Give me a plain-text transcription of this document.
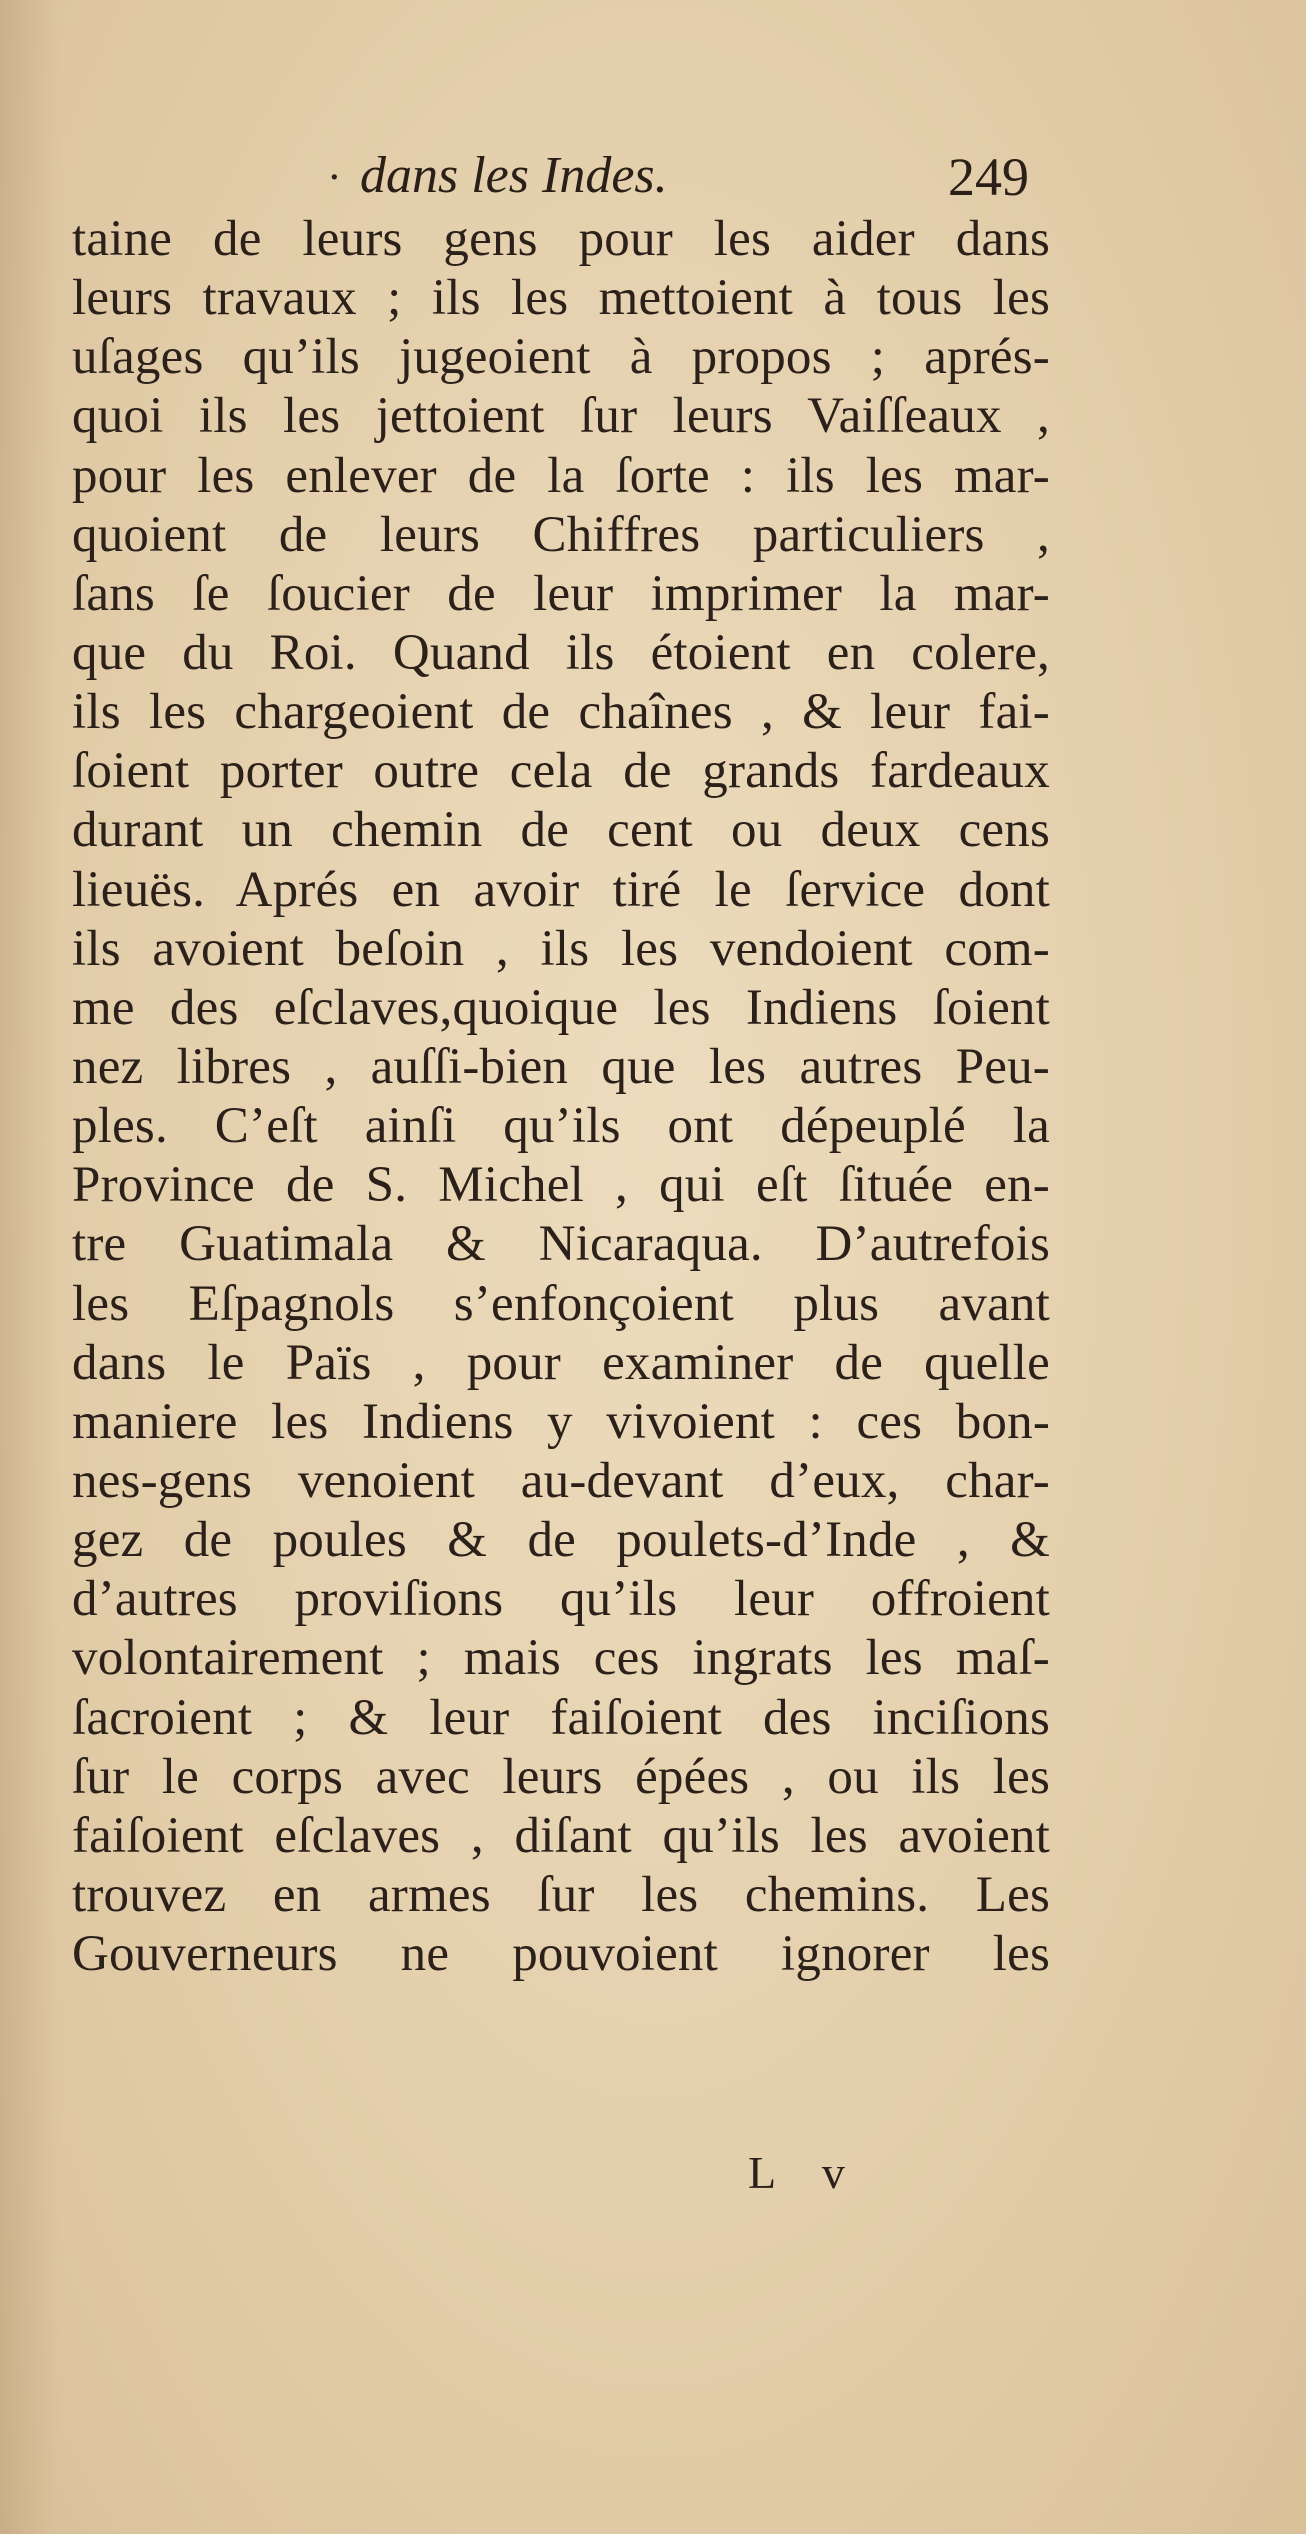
· dans les Indes.	249
taine de leurs gens pour les aider dans
leurs travaux ; ils les mettoient à tous les
uſages qu’ils jugeoient à propos ; aprés-
quoi ils les jettoient ſur leurs Vaiſſeaux ,
pour les enlever de la ſorte : ils les mar-
quoient de leurs Chiffres particuliers ,
ſans ſe ſoucier de leur imprimer la mar-
que du Roi. Quand ils étoient en colere,
ils les chargeoient de chaînes , & leur fai-
ſoient porter outre cela de grands fardeaux
durant un chemin de cent ou deux cens
lieuës. Aprés en avoir tiré le ſervice dont
ils avoient beſoin , ils les vendoient com-
me des eſclaves,quoique les Indiens ſoient
nez libres , auſſi-bien que les autres Peu-
ples. C’eſt ainſi qu’ils ont dépeuplé la
Province de S. Michel , qui eſt ſituée en-
tre Guatimala & Nicaraqua. D’autrefois
les Eſpagnols s’enfonçoient plus avant
dans le Païs , pour examiner de quelle
maniere les Indiens y vivoient : ces bon-
nes-gens venoient au-devant d’eux, char-
gez de poules & de poulets-d’Inde , &
d’autres proviſions qu’ils leur offroient
volontairement ; mais ces ingrats les maſ-
ſacroient ; & leur faiſoient des inciſions
ſur le corps avec leurs épées , ou ils les
faiſoient eſclaves , diſant qu’ils les avoient
trouvez en armes ſur les chemins. Les
Gouverneurs ne pouvoient ignorer les
L v
